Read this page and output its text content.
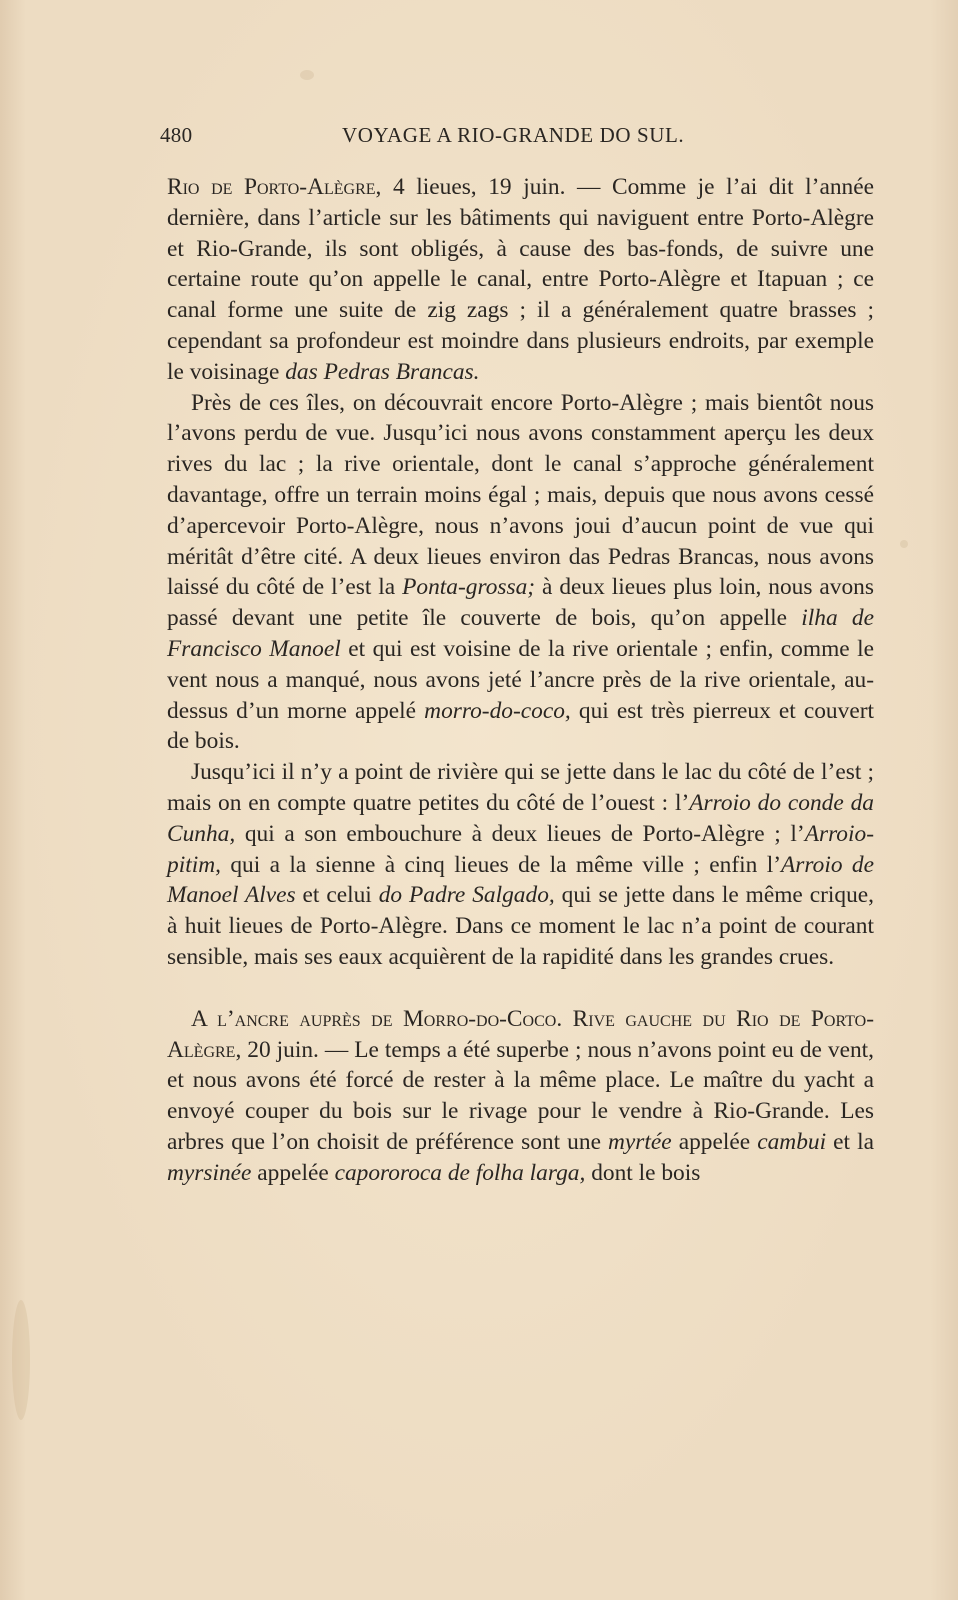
480	VOYAGE A RIO-GRANDE DO SUL.

Rio de Porto-Alègre, 4 lieues, 19 juin. — Comme je l’ai dit l’année dernière, dans l’article sur les bâtiments qui naviguent entre Porto-Alègre et Rio-Grande, ils sont obligés, à cause des bas-fonds, de suivre une certaine route qu’on appelle le canal, entre Porto-Alègre et Itapuan ; ce canal forme une suite de zig zags ; il a généralement quatre brasses ; cependant sa profondeur est moindre dans plusieurs endroits, par exemple le voisinage das Pedras Brancas.

Près de ces îles, on découvrait encore Porto-Alègre ; mais bientôt nous l’avons perdu de vue. Jusqu’ici nous avons constamment aperçu les deux rives du lac ; la rive orientale, dont le canal s’approche généralement davantage, offre un terrain moins égal ; mais, depuis que nous avons cessé d’apercevoir Porto-Alègre, nous n’avons joui d’aucun point de vue qui méritât d’être cité. A deux lieues environ das Pedras Brancas, nous avons laissé du côté de l’est la Ponta-grossa; à deux lieues plus loin, nous avons passé devant une petite île couverte de bois, qu’on appelle ilha de Francisco Manoel et qui est voisine de la rive orientale ; enfin, comme le vent nous a manqué, nous avons jeté l’ancre près de la rive orientale, au-dessus d’un morne appelé morro-do-coco, qui est très pierreux et couvert de bois.

Jusqu’ici il n’y a point de rivière qui se jette dans le lac du côté de l’est ; mais on en compte quatre petites du côté de l’ouest : l’Arroio do conde da Cunha, qui a son embouchure à deux lieues de Porto-Alègre ; l’Arroio-pitim, qui a la sienne à cinq lieues de la même ville ; enfin l’Arroio de Manoel Alves et celui do Padre Salgado, qui se jette dans le même crique, à huit lieues de Porto-Alègre. Dans ce moment le lac n’a point de courant sensible, mais ses eaux acquièrent de la rapidité dans les grandes crues.

A l’ancre auprès de Morro-do-Coco. Rive gauche du Rio de Porto-Alègre, 20 juin. — Le temps a été superbe ; nous n’avons point eu de vent, et nous avons été forcé de rester à la même place. Le maître du yacht a envoyé couper du bois sur le rivage pour le vendre à Rio-Grande. Les arbres que l’on choisit de préférence sont une myrtée appelée cambui et la myrsinée appelée capororoca de folha larga, dont le bois
